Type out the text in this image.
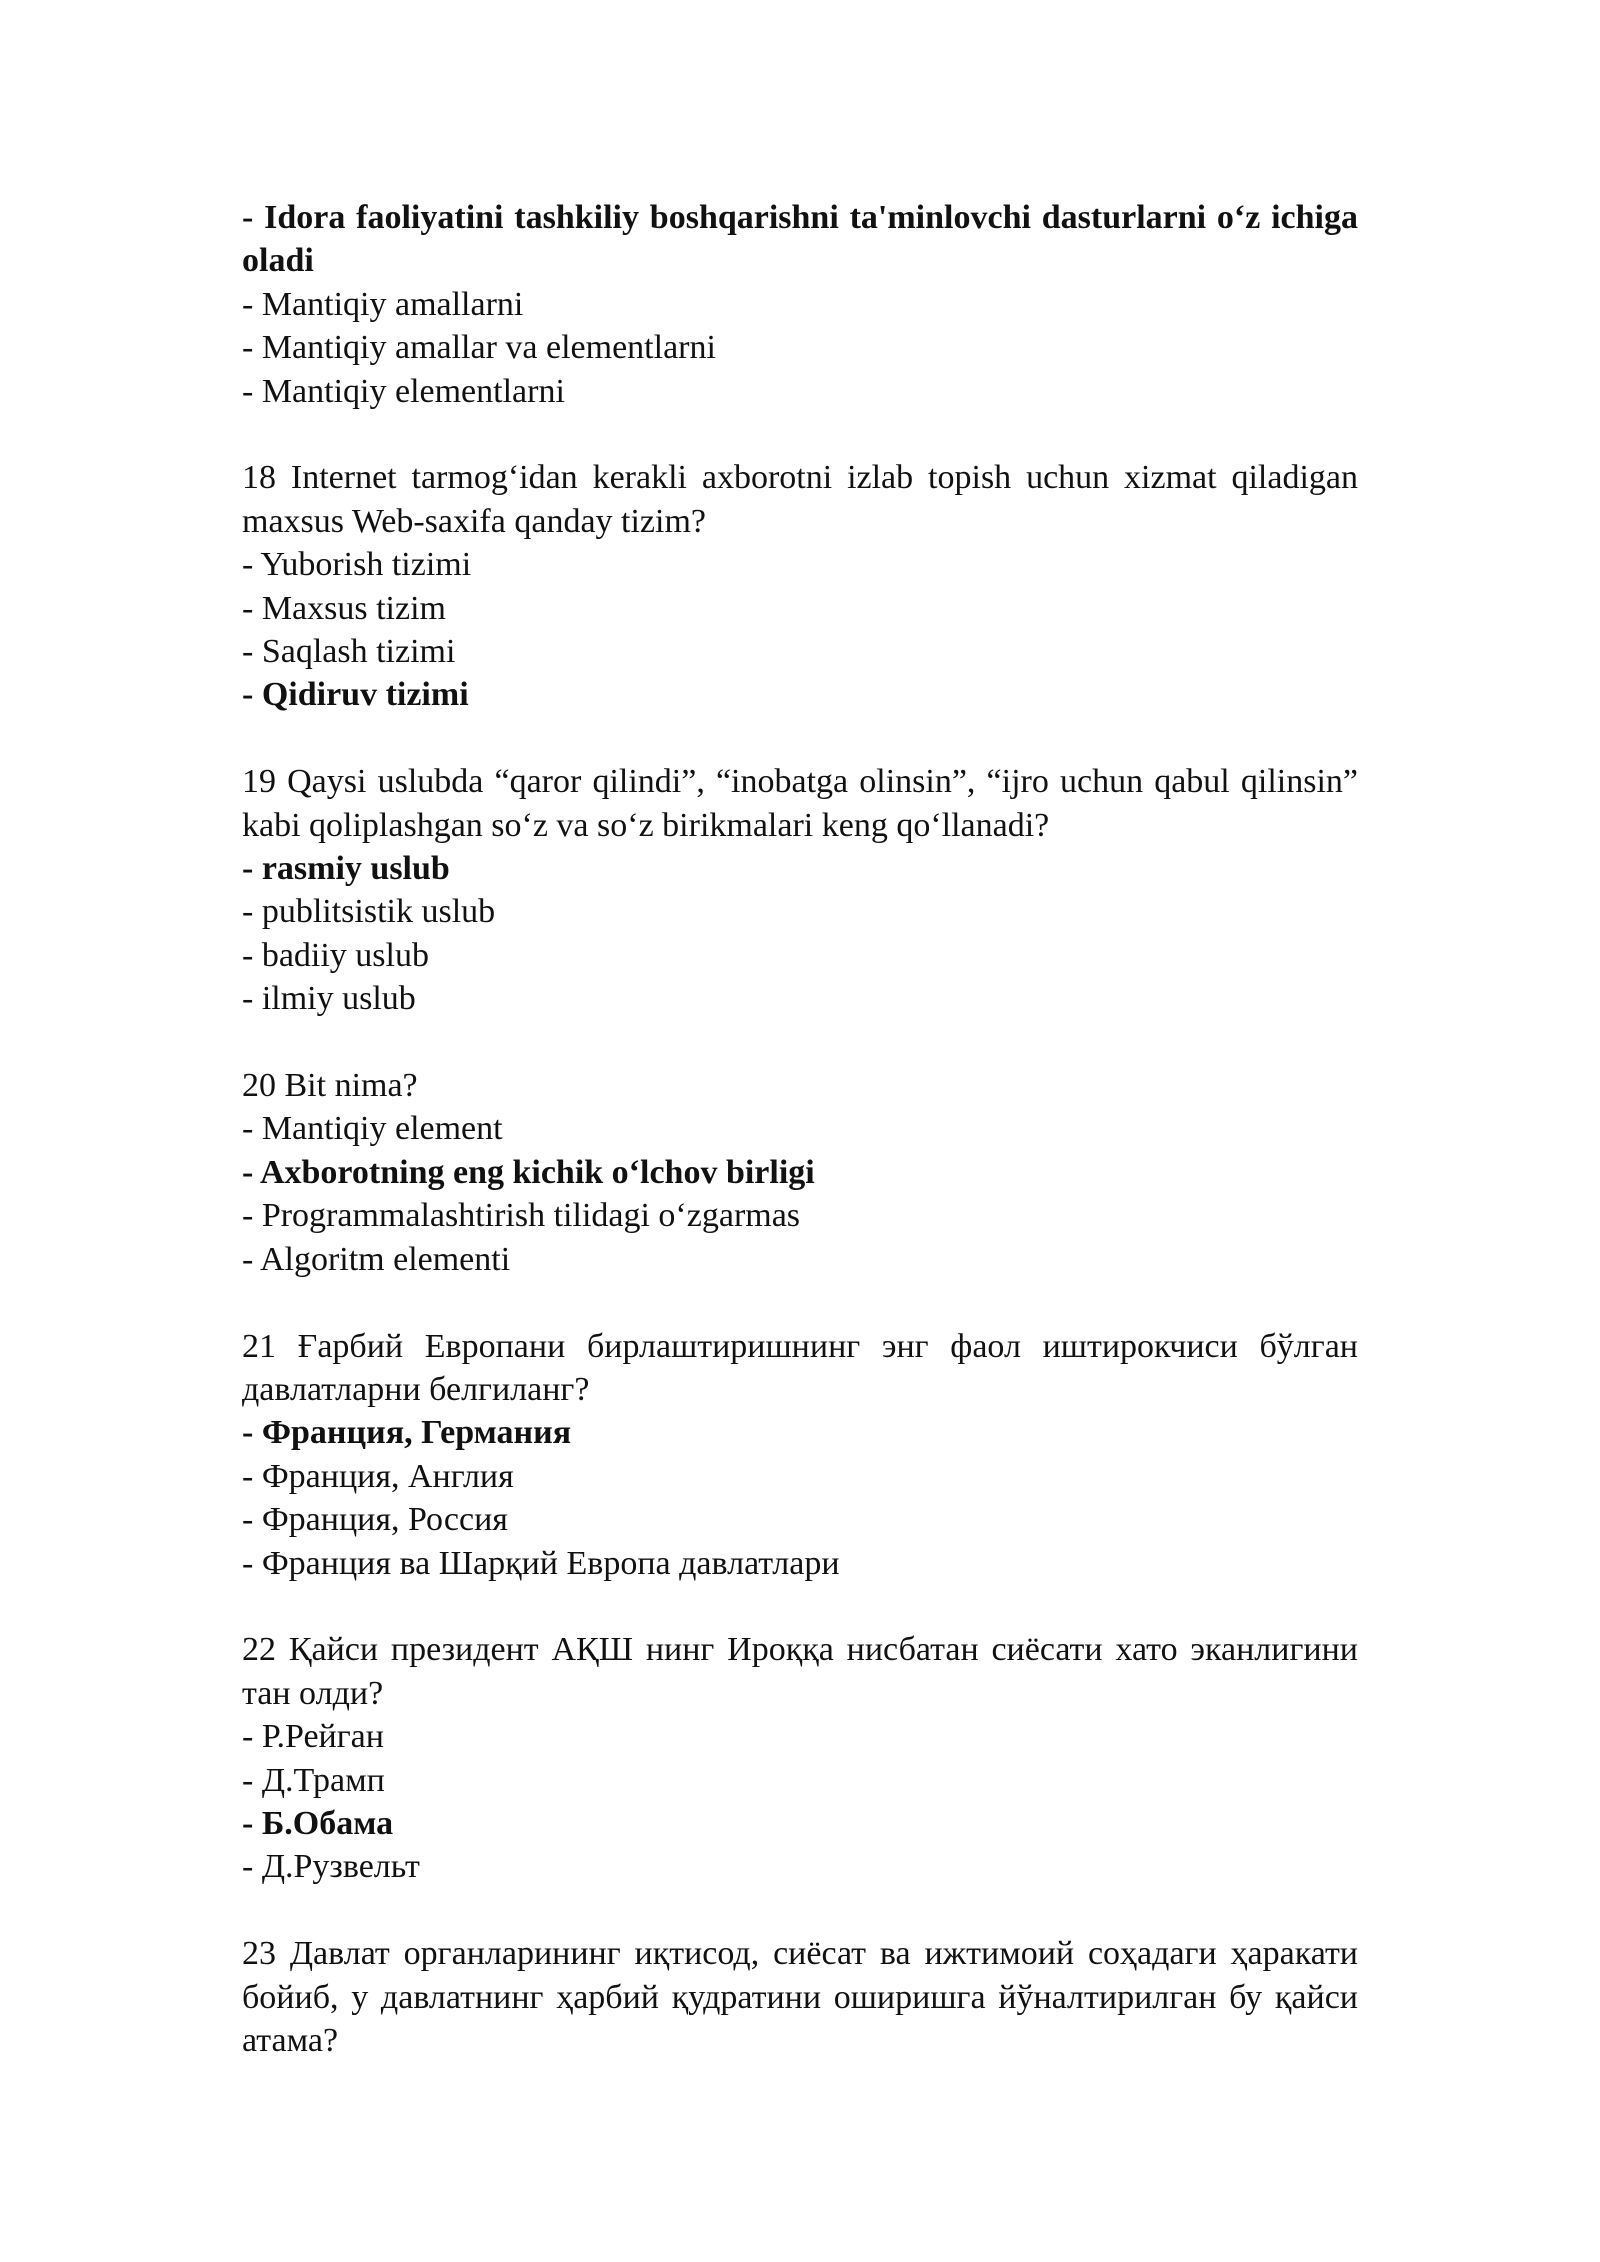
- Idora faoliyatini tashkiliy boshqarishni ta'minlovchi dasturlarni o‘z ichiga oladi
- Mantiqiy amallarni
- Mantiqiy amallar va elementlarni
- Mantiqiy elementlarni
18 Internet tarmog‘idan kerakli axborotni izlab topish uchun xizmat qiladigan maxsus Web-saxifa qanday tizim?
- Yuborish tizimi
- Maxsus tizim
- Saqlash tizimi
- Qidiruv tizimi
19 Qaysi uslubda “qaror qilindi”, “inobatga olinsin”, “ijro uchun qabul qilinsin” kabi qoliplashgan so‘z va so‘z birikmalari keng qo‘llanadi?
- rasmiy uslub
- publitsistik uslub
- badiiy uslub
- ilmiy uslub
20 Bit nima?
- Mantiqiy element
- Axborotning eng kichik o‘lchov birligi
- Programmalashtirish tilidagi o‘zgarmas
- Algoritm elementi
21 Ғарбий Европани бирлаштиришнинг энг фаол иштирокчиси бўлган давлатларни белгиланг?
- Франция, Германия
- Франция, Англия
- Франция, Россия
- Франция ва Шарқий Европа давлатлари
22 Қайси президент АҚШ нинг Ироққа нисбатан сиёсати хато эканлигини тан олди?
- Р.Рейган
- Д.Трамп
- Б.Обама
- Д.Рузвельт
23 Давлат органларининг иқтисод, сиёсат ва ижтимоий соҳадаги ҳаракати бойиб, у давлатнинг ҳарбий қудратини оширишга йўналтирилган бу қайси атама?
